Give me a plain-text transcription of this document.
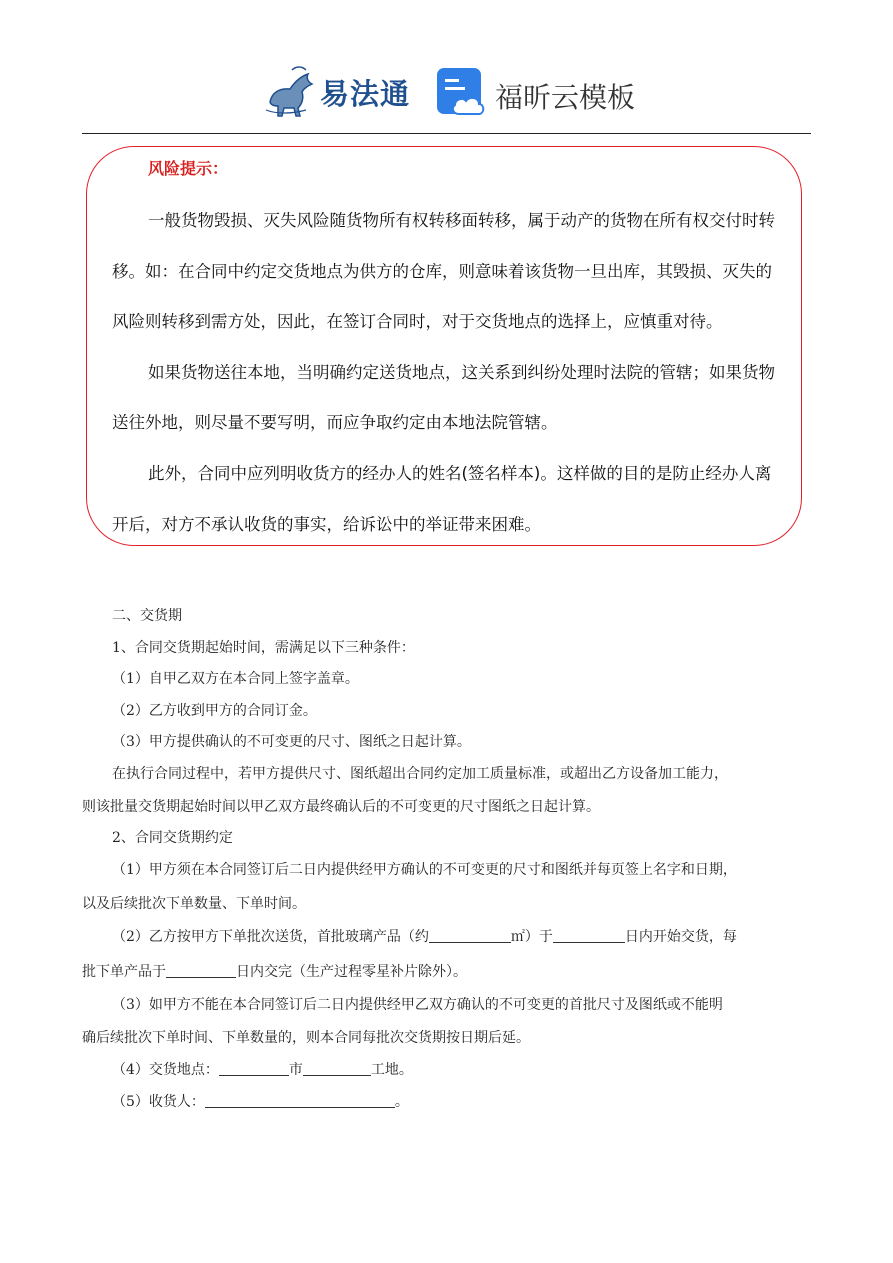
易法通	福昕云模板
风险提示：
一般货物毁损、灭失风险随货物所有权转移面转移，属于动产的货物在所有权交付时转
移。如：在合同中约定交货地点为供方的仓库，则意味着该货物一旦出库，其毁损、灭失的
风险则转移到需方处，因此，在签订合同时，对于交货地点的选择上，应慎重对待。
如果货物送往本地，当明确约定送货地点，这关系到纠纷处理时法院的管辖；如果货物
送往外地，则尽量不要写明，而应争取约定由本地法院管辖。
此外，合同中应列明收货方的经办人的姓名(签名样本)。这样做的目的是防止经办人离
开后，对方不承认收货的事实，给诉讼中的举证带来困难。
二、交货期
1、合同交货期起始时间，需满足以下三种条件：
（1）自甲乙双方在本合同上签字盖章。
（2）乙方收到甲方的合同订金。
（3）甲方提供确认的不可变更的尺寸、图纸之日起计算。
在执行合同过程中，若甲方提供尺寸、图纸超出合同约定加工质量标准，或超出乙方设备加工能力，
则该批量交货期起始时间以甲乙双方最终确认后的不可变更的尺寸图纸之日起计算。
2、合同交货期约定
（1）甲方须在本合同签订后二日内提供经甲方确认的不可变更的尺寸和图纸并每页签上名字和日期，
以及后续批次下单数量、下单时间。
（2）乙方按甲方下单批次送货，首批玻璃产品（约	㎡）于	日内开始交货，每
批下单产品于	日内交完（生产过程零星补片除外）。
（3）如甲方不能在本合同签订后二日内提供经甲乙双方确认的不可变更的首批尺寸及图纸或不能明
确后续批次下单时间、下单数量的，则本合同每批次交货期按日期后延。
（4）交货地点：	市	工地。
（5）收货人：	。
